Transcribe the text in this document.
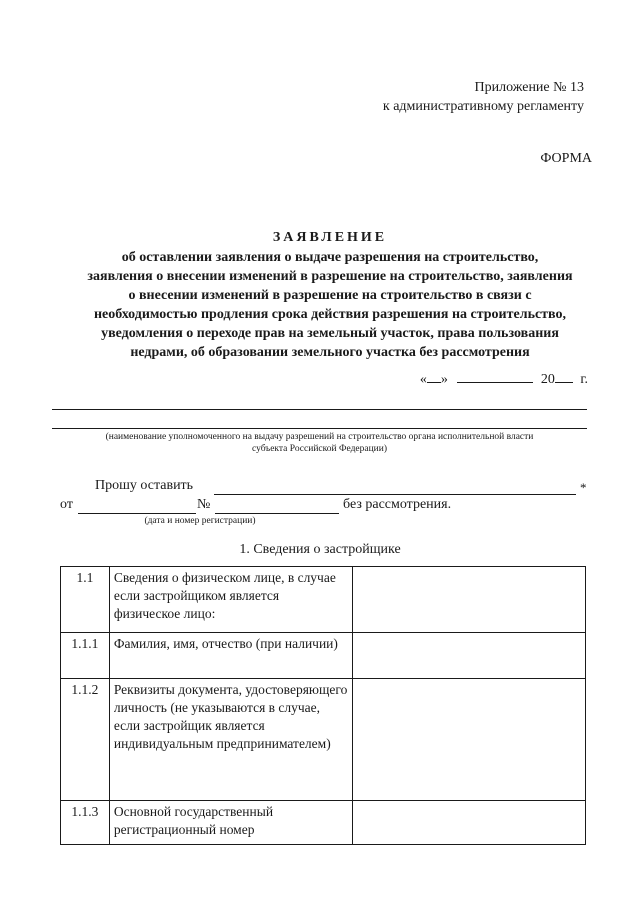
Приложение № 13
к административному регламенту
ФОРМА
ЗАЯВЛЕНИЕ
об оставлении заявления о выдаче разрешения на строительство,
заявления о внесении изменений в разрешение на строительство, заявления
о внесении изменений в разрешение на строительство в связи с
необходимостью продления срока действия разрешения на строительство,
уведомления о переходе прав на земельный участок, права пользования
недрами, об образовании земельного участка без рассмотрения
« »	20 г.
(наименование уполномоченного на выдачу разрешений на строительство органа исполнительной власти
субъекта Российской Федерации)
Прошу оставить	*
от	№	без рассмотрения.
(дата и номер регистрации)
1. Сведения о застройщике
1.1	Сведения о физическом лице, в случае если застройщиком является физическое лицо:	
1.1.1	Фамилия, имя, отчество (при наличии)	
1.1.2	Реквизиты документа, удостоверяющего личность (не указываются в случае, если застройщик является индивидуальным предпринимателем)	
1.1.3	Основной государственный регистрационный номер	
